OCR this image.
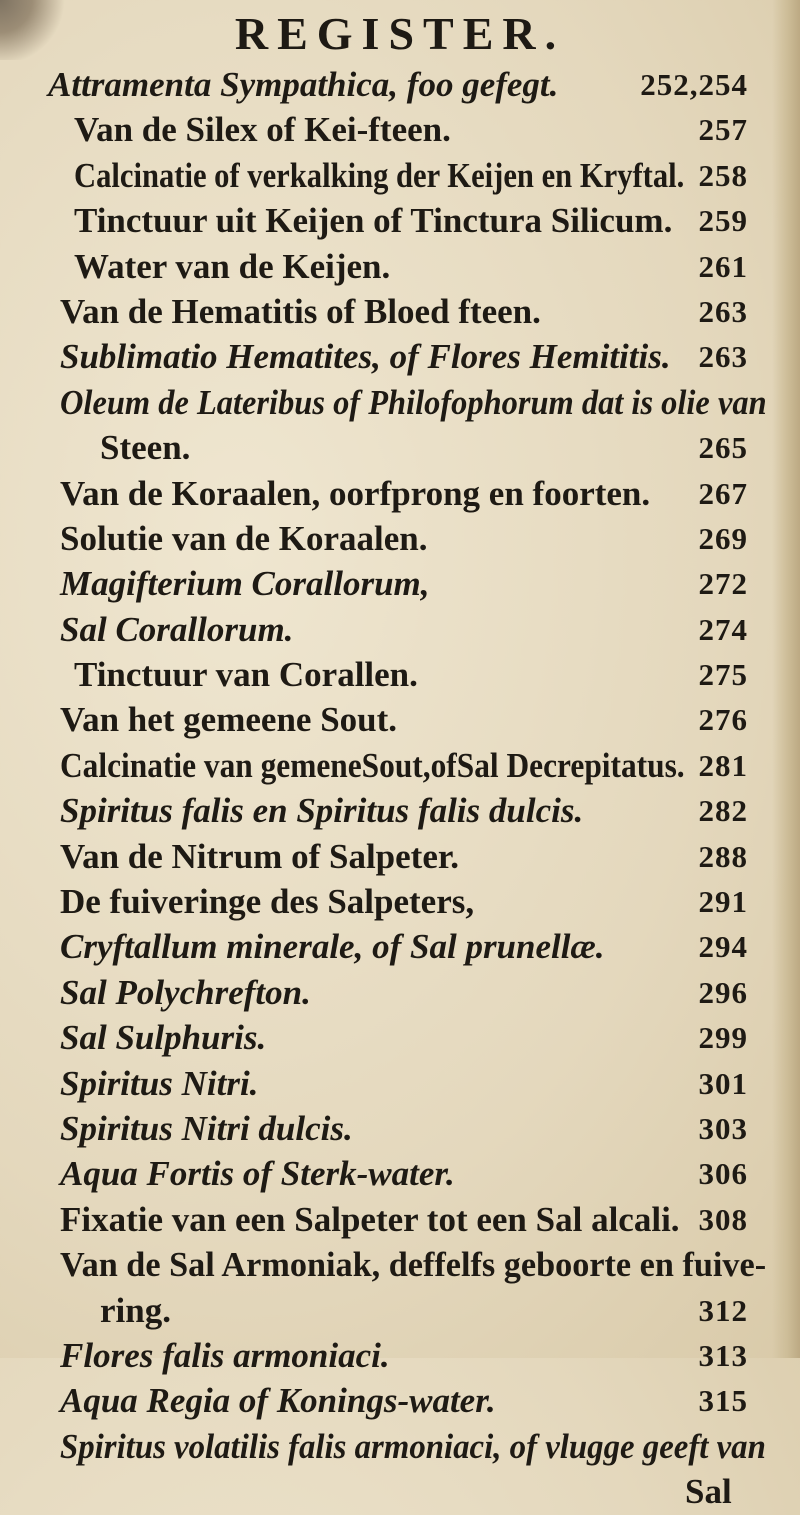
REGISTER.
Attramenta Sympathica, foo gefegt.	252,254
Van de Silex of Kei-fteen.	257
Calcinatie of verkalking der Keijen en Kryftal. 258
Tinctuur uit Keijen of Tinctura Silicum. 259
Water van de Keijen.	261
Van de Hematitis of Bloed fteen.	263
Sublimatio Hematites, of Flores Hemititis. 263
Oleum de Lateribus of Philofophorum dat is olie van
Steen.	265
Van de Koraalen, oorfprong en foorten. 267
Solutie van de Koraalen.	269
Magifterium Corallorum,	272
Sal Corallorum.	274
Tinctuur van Corallen.	275
Van het gemeene Sout.	276
Calcinatie van gemeneSout,ofSal Decrepitatus. 281
Spiritus falis en Spiritus falis dulcis.	282
Van de Nitrum of Salpeter.	288
De fuiveringe des Salpeters,	291
Cryftallum minerale, of Sal prunellæ.	294
Sal Polychrefton.	296
Sal Sulphuris.	299
Spiritus Nitri.	301
Spiritus Nitri dulcis.	303
Aqua Fortis of Sterk-water.	306
Fixatie van een Salpeter tot een Sal alcali. 308
Van de Sal Armoniak, deffelfs geboorte en fuive-
ring.	312
Flores falis armoniaci.	313
Aqua Regia of Konings-water.	315
Spiritus volatilis falis armoniaci, of vlugge geeft van
Sal
